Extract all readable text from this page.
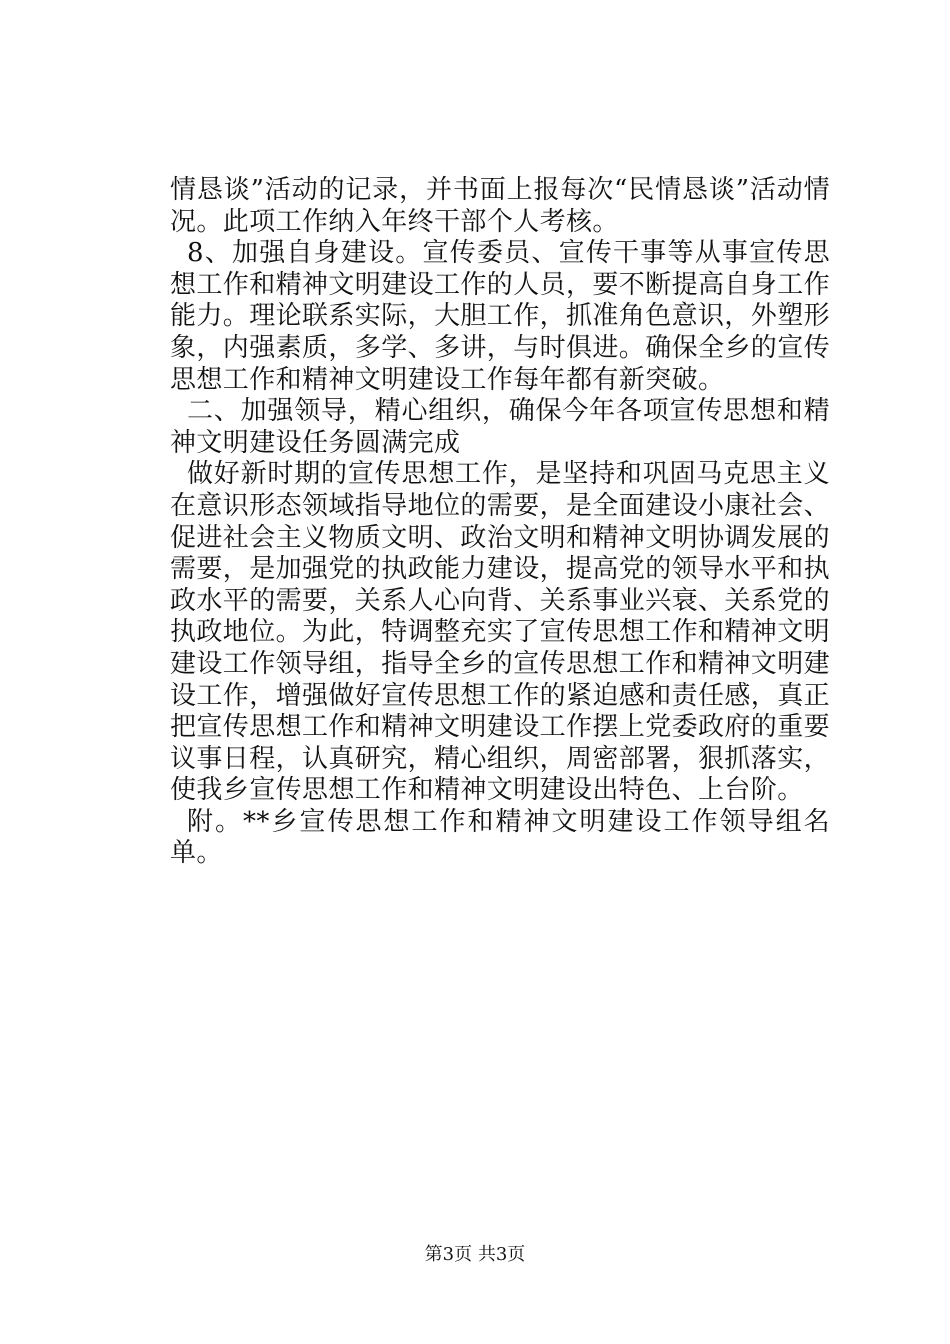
情恳谈”活动的记录，并书面上报每次“民情恳谈”活动情况。此项工作纳入年终干部个人考核。

8、加强自身建设。宣传委员、宣传干事等从事宣传思想工作和精神文明建设工作的人员，要不断提高自身工作能力。理论联系实际，大胆工作，抓准角色意识，外塑形象，内强素质，多学、多讲，与时俱进。确保全乡的宣传思想工作和精神文明建设工作每年都有新突破。

二、加强领导，精心组织，确保今年各项宣传思想和精神文明建设任务圆满完成

做好新时期的宣传思想工作，是坚持和巩固马克思主义在意识形态领域指导地位的需要，是全面建设小康社会、促进社会主义物质文明、政治文明和精神文明协调发展的需要，是加强党的执政能力建设，提高党的领导水平和执政水平的需要，关系人心向背、关系事业兴衰、关系党的执政地位。为此，特调整充实了宣传思想工作和精神文明建设工作领导组，指导全乡的宣传思想工作和精神文明建设工作，增强做好宣传思想工作的紧迫感和责任感，真正把宣传思想工作和精神文明建设工作摆上党委政府的重要议事日程，认真研究，精心组织，周密部署，狠抓落实，使我乡宣传思想工作和精神文明建设出特色、上台阶。

附。**乡宣传思想工作和精神文明建设工作领导组名单。

第3页 共3页
